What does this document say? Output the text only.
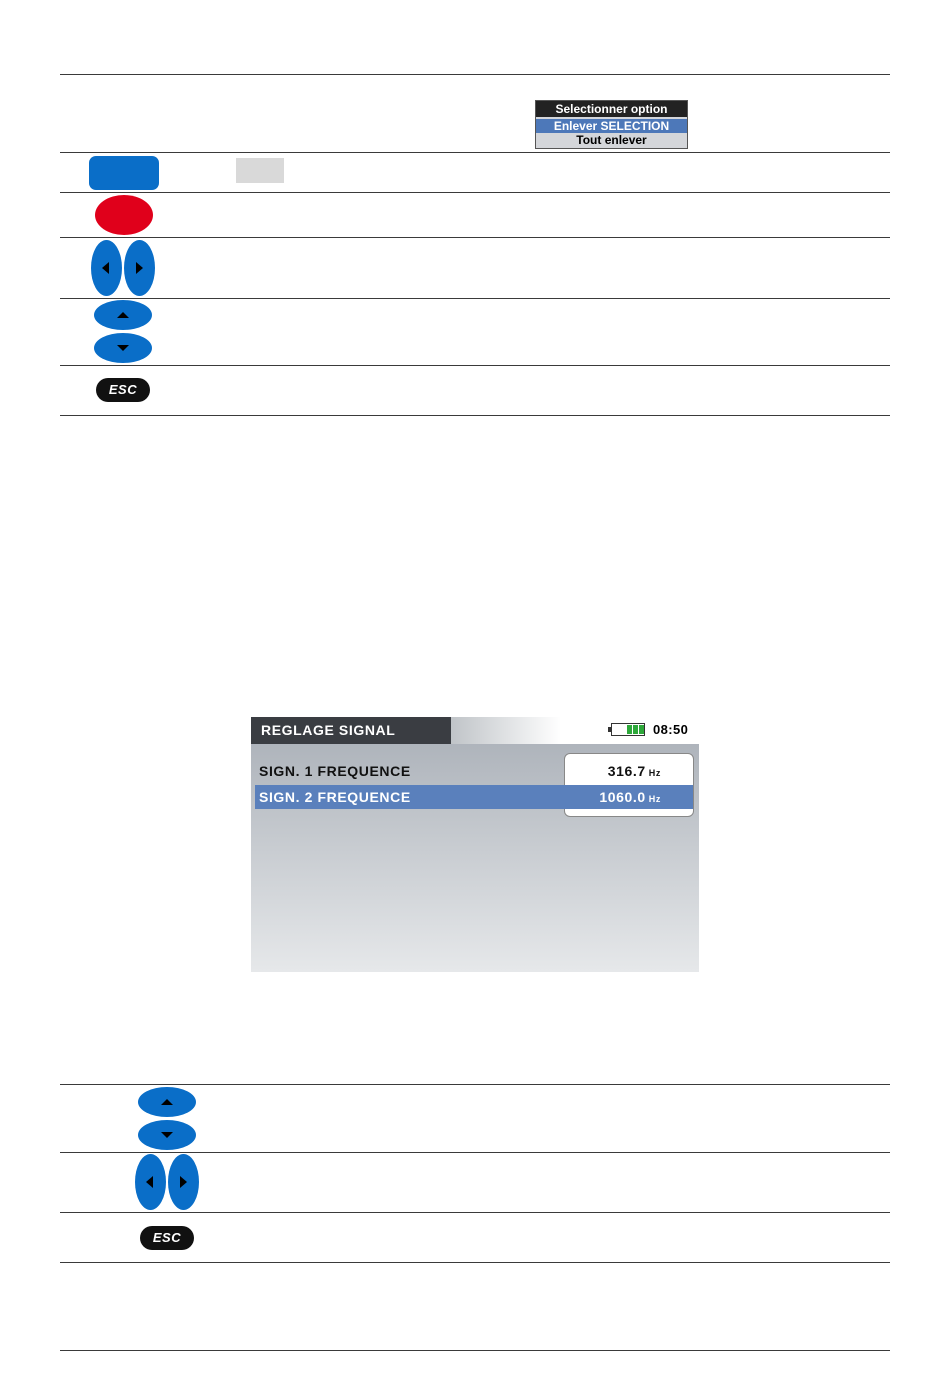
Selectionner option
Enlever SELECTION
Tout enlever
ESC
REGLAGE SIGNAL	08:50
SIGN. 1 FREQUENCE	316.7 Hz
SIGN. 2 FREQUENCE	1060.0 Hz
ESC
